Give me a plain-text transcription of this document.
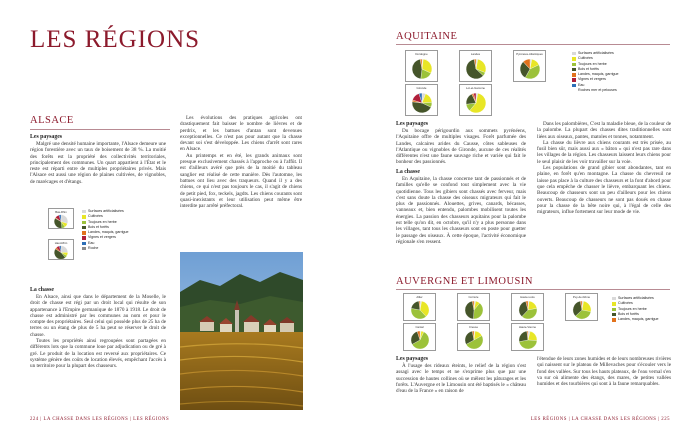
LES RÉGIONS
ALSACE
Les paysages

Malgré une densité humaine importante, l'Alsace demeure une région forestière avec un taux de boisement de 38 %. La moitié des forêts est la propriété des collectivités territoriales, principalement des communes. Un quart appartient à l'État et le reste est réparti entre de multiples propriétaires privés. Mais l'Alsace est aussi une région de plaines cultivées, de vignobles, de marécages et d'étangs.

Bas-Rhin
Haut-Rhin
Surfaces artificialisées
Cultivées
Toujours en herbe
Bois et forêts
Landes, maquis, garrigue
Vignes et vergers
Eau
Roche
La chasse

En Alsace, ainsi que dans le département de la Moselle, le droit de chasse est régi par un droit local qui résulte de son appartenance à l'Empire germanique de 1870 à 1918. Le droit de chasse est administré par les communes au nom et pour le compte des propriétaires. Seul celui qui possède plus de 25 ha de terres ou un étang de plus de 5 ha peut se réserver le droit de chasse.

Toutes les propriétés ainsi regroupées sont partagées en différents lots que la commune loue par adjudication ou de gré à gré. Le produit de la location est reversé aux propriétaires. Ce système génère des coûts de location élevés, empêchant l'accès à un territoire pour la plupart des chasseurs.

Les évolutions des pratiques agricoles ont drastiquement fait baisser le nombre de lièvres et de perdrix, et les battues d'antan sont devenues exceptionnelles. Ce n'est pas pour autant que la chasse devant soi s'est développée. Les chiens d'arrêt sont rares en Alsace.

Au printemps et en été, les grands animaux sont presque exclusivement chassés à l'approche ou à l'affût. Il est d'ailleurs avéré que près de la moitié du tableau sanglier est réalisé de cette manière. Dès l'automne, les battues ont lieu avec des traqueurs. Quand il y a des chiens, ce qui n'est pas toujours le cas, il s'agit de chiens de petit pied, fox, teckels, jagdts. Les chiens courants sont quasi-inexistants et leur utilisation peut même être interdite par arrêté préfectoral.

224 | LA CHASSE DANS LES RÉGIONS | LES RÉGIONS
AQUITAINE
Dordogne	Landes	Pyrénées-Atlantiques
Gironde	Lot-et-Garonne
Surfaces artificialisées
Cultivées
Toujours en herbe
Bois et forêts
Landes, maquis, garrigue
Vignes et vergers
Eau
Roches mer et pelouses
Les paysages

Du bocage périgourdin aux sommets pyrénéens, l'Aquitaine offre de multiples visages. Forêt parfumée des Landes, calcaires arides du Causse, côtes sableuses de l'Atlantique ou vignobles de Gironde, aucune de ces réalités différentes n'est une faune sauvage riche et variée qui fait le bonheur des passionnés.

La chasse

En Aquitaine, la chasse concerne tant de passionnés et de familles qu'elle se confond tout simplement avec la vie quotidienne. Tous les gibiers sont chassés avec ferveur, mais c'est sans doute la chasse des oiseaux migrateurs qui fait le plus de passionnés. Alouettes, grives, canards, bécasses, vanneaux et, bien entendu, palombes mobilisent toutes les énergies. La passion des chasseurs aquitains pour la palombe est telle qu'on dit, en octobre, qu'il n'y a plus personne dans les villages, tant tous les chasseurs sont en poste pour guetter le passage des oiseaux. À cette époque, l'activité économique régionale s'en ressent.

Dans les palombières, C'est la maladie bleue, de la couleur de la palombe. La plupart des chasses dites traditionnelles sont liées aux oiseaux, pantes, matoles et tonnes, notamment.

La chasse du lièvre aux chiens courants est très prisée, au fusil bien sûr, mais aussi aux « bâton » qui n'est pas rare dans les villages de la région. Les chasseurs laissent leurs chiens pour le seul plaisir de les voir travailler sur la voie.

Les populations de grand gibier sont abondantes, tant en plaine, en forêt qu'en montagne. La chasse du chevreuil ne laisse pas place à la culture des chasseurs et la font d'abord pour que cela empêche de chasser le lièvre, embarquant les chiens. Beaucoup de chasseurs sont un peu d'ailleurs pour les chiens ouverts. Beaucoup de chasseurs ne sont pas doués en chasse pour la chasse de la bête noire qui, à l'égal de celle des migrateurs, influe fortement sur leur mode de vie.

AUVERGNE ET LIMOUSIN
Allier
Cantal
Corrèze
Creuse
Haute-Loire
Haute-Vienne
Puy-de-Dôme	Surfaces artificialisées
Cultivées
Toujours en herbe
Bois et forêts
Landes, maquis, garrigue
Les paysages

À l'usage des rideaux éteints, le relief de la région s'est assagi avec le temps et ne s'exprime plus que par une succession de hautes collines où se mêlent les pâturages et les forêts. L'Auvergne et le Limousin ont été baptisés le « château d'eau de la France » en raison de

l'étendue de leurs zones humides et de leurs nombreuses rivières qui naissent sur le plateau de Millevaches pour s'écouler vers le fond des vallées. Sur tous les hauts plateaux, de l'eau vernal s'en va sur où alimente des étangs, des mares, de petites vallées humides et des tourbières qui sont à la faune remarquables.

LES RÉGIONS | LA CHASSE DANS LES RÉGIONS | 225
